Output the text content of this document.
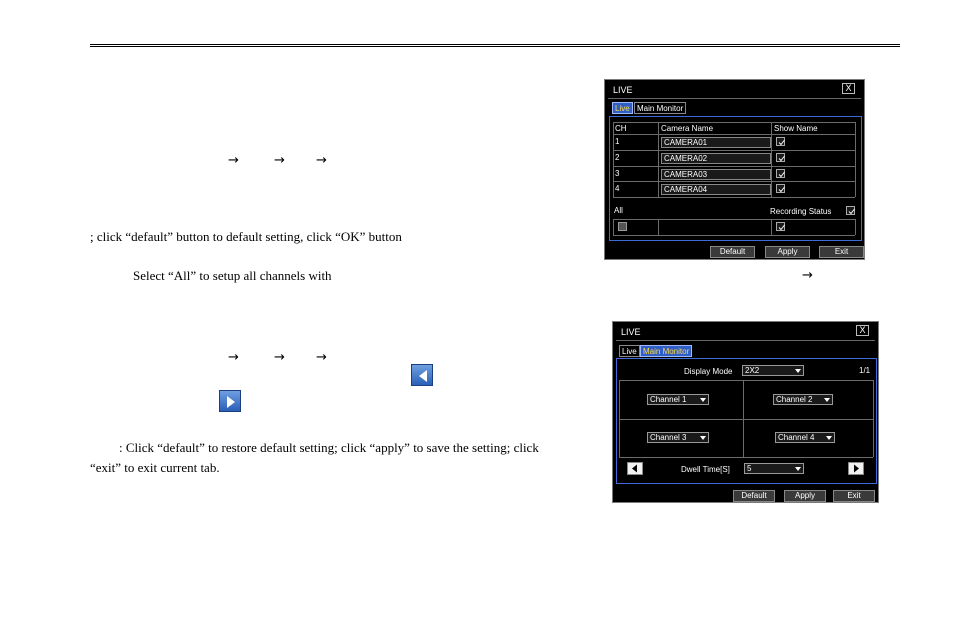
→	→ →
; click “default” button to default setting, click “OK” button
Select “All” to setup all channels with	→
→	→ →
: Click “default” to restore default setting; click “apply” to save the setting; click
“exit” to exit current tab.
LIVE	X
Live Main Monitor
CH	Camera Name	Show Name
1	CAMERA01
2	CAMERA02
3	CAMERA03
4	CAMERA04
All	Recording Status
Default	Apply	Exit
LIVE	X
Live Main Monitor
Display Mode	2X2	1/1
Channel 1	Channel 2
Channel 3	Channel 4
Dwell Time[S]	5
Default	Apply	Exit
